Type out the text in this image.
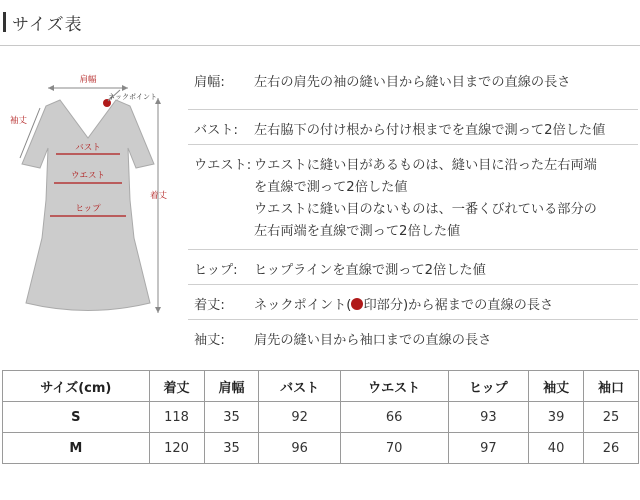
サイズ表
肩幅
ネックポイント
袖丈
着丈
バスト
ウエスト
ヒップ
肩幅:	左右の肩先の袖の縫い目から縫い目までの直線の長さ
バスト:	左右脇下の付け根から付け根までを直線で測って2倍した値
ウエスト: ウエストに縫い目があるものは、縫い目に沿った左右両端
を直線で測って2倍した値
ウエストに縫い目のないものは、一番くびれている部分の
左右両端を直線で測って2倍した値
ヒップ:	ヒップラインを直線で測って2倍した値
着丈:	ネックポイント( 印部分)から裾までの直線の長さ
袖丈:	肩先の縫い目から袖口までの直線の長さ
サイズ(cm)	着丈	肩幅	バスト	ウエスト	ヒップ	袖丈	袖口
S	118	35	92	66	93	39	25
M	120	35	96	70	97	40	26
